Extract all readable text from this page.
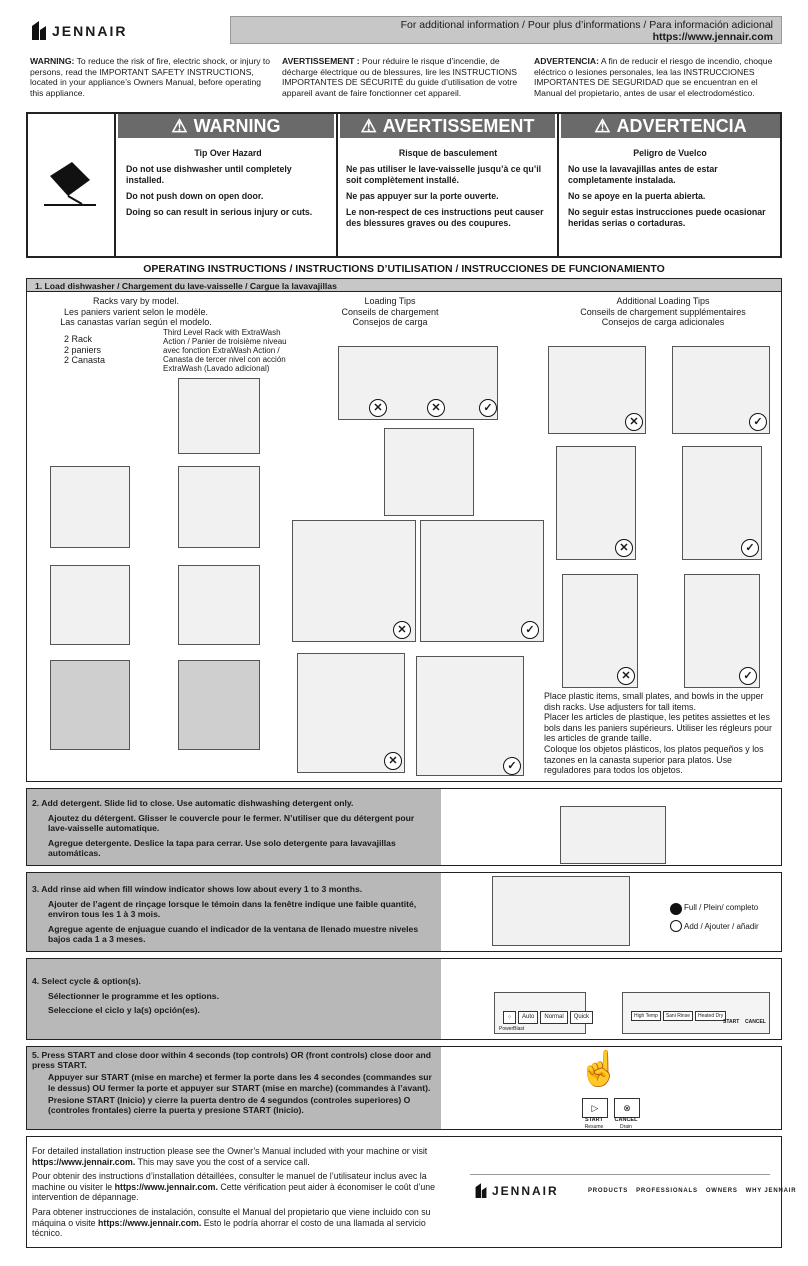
JENNAIR	For additional information / Pour plus d’informations / Para información adicional
https://www.jennair.com
WARNING: To reduce the risk of fire, electric shock, or injury to persons, read the IMPORTANT SAFETY INSTRUCTIONS, located in your appliance’s Owners Manual, before operating this appliance.
AVERTISSEMENT : Pour réduire le risque d’incendie, de décharge électrique ou de blessures, lire les INSTRUCTIONS IMPORTANTES DE SÉCURITÉ du guide d’utilisation de votre appareil avant de faire fonctionner cet appareil.
ADVERTENCIA: A fin de reducir el riesgo de incendio, choque eléctrico o lesiones personales, lea las INSTRUCCIONES IMPORTANTES DE SEGURIDAD que se encuentran en el Manual del propietario, antes de usar el electrodoméstico.
⚠ WARNING	⚠ AVERTISSEMENT	⚠ ADVERTENCIA
Tip Over Hazard

Do not use dishwasher until completely installed.

Do not push down on open door.

Doing so can result in serious injury or cuts.

Risque de basculement

Ne pas utiliser le lave-vaisselle jusqu’à ce qu’il soit complètement installé.

Ne pas appuyer sur la porte ouverte.

Le non-respect de ces instructions peut causer des blessures graves ou des coupures.

Peligro de Vuelco

No use la lavavajillas antes de estar completamente instalada.

No se apoye en la puerta abierta.

No seguir estas instrucciones puede ocasionar heridas serias o cortaduras.

OPERATING INSTRUCTIONS / INSTRUCTIONS D’UTILISATION / INSTRUCCIONES DE FUNCIONAMIENTO
1. Load dishwasher / Chargement du lave-vaisselle / Cargue la lavavajillas
Racks vary by model.
Les paniers varient selon le modèle.
Las canastas varían según el modelo.
2 Rack
2 paniers
2 Canasta
Third Level Rack with ExtraWash Action / Panier de troisième niveau avec fonction ExtraWash Action / Canasta de tercer nivel con acción ExtraWash (Lavado adicional)
Loading Tips
Conseils de chargement
Consejos de carga
Additional Loading Tips
Conseils de chargement supplémentaires
Consejos de carga adicionales
✕	✕	✓
✕	✓
✕	✓
✕	✓
✕	✓
✕	✓
Place plastic items, small plates, and bowls in the upper dish racks. Use adjusters for tall items.
Placer les articles de plastique, les petites assiettes et les bols dans les paniers supérieurs. Utiliser les régleurs pour les articles de grande taille.
Coloque los objetos plásticos, los platos pequeños y los tazones en la canasta superior para platos. Use reguladores para todos los objetos.

2. Add detergent. Slide lid to close. Use automatic dishwashing detergent only.

Ajoutez du détergent. Glisser le couvercle pour le fermer. N’utiliser que du détergent pour lave-vaisselle automatique.

Agregue detergente. Deslice la tapa para cerrar. Use solo detergente para lavavajillas automáticas.

3. Add rinse aid when fill window indicator shows low about every 1 to 3 months.

Ajouter de l’agent de rinçage lorsque le témoin dans la fenêtre indique une faible quantité, environ tous les 1 à 3 mois.

Agregue agente de enjuague cuando el indicador de la ventana de llenado muestre niveles bajos cada 1 a 3 meses.

Full / Plein/ completo
Add / Ajouter / añadir

4. Select cycle & option(s).

Sélectionner le programme et les options.

Seleccione el ciclo y la(s) opción(es).

⁘	Auto	Normal	Quick
PowerBlast
High Temp	Sani Rinse	Heated Dry
START CANCEL

5. Press START and close door within 4 seconds (top controls) OR (front controls) close door and press START.

Appuyer sur START (mise en marche) et fermer la porte dans les 4 secondes (commandes sur le dessus) OU fermer la porte et appuyer sur START (mise en marche) (commandes à l’avant).

Presione START (Inicio) y cierre la puerta dentro de 4 segundos (controles superiores) O (controles frontales) cierre la puerta y presione START (Inicio).

☝
▷	⊗
START
Resume
CANCEL
Drain

For detailed installation instruction please see the Owner’s Manual included with your machine or visit https://www.jennair.com. This may save you the cost of a service call.

Pour obtenir des instructions d’installation détaillées, consulter le manuel de l’utilisateur inclus avec la machine ou visiter le https://www.jennair.com. Cette vérification peut aider à économiser le coût d’une intervention de dépannage.

Para obtener instrucciones de instalación, consulte el Manual del propietario que viene incluido con su máquina o visite https://www.jennair.com. Esto le podría ahorrar el costo de una llamada al servicio técnico.

JENNAIR	PRODUCTS PROFESSIONALS OWNERS WHY JENNAIR
